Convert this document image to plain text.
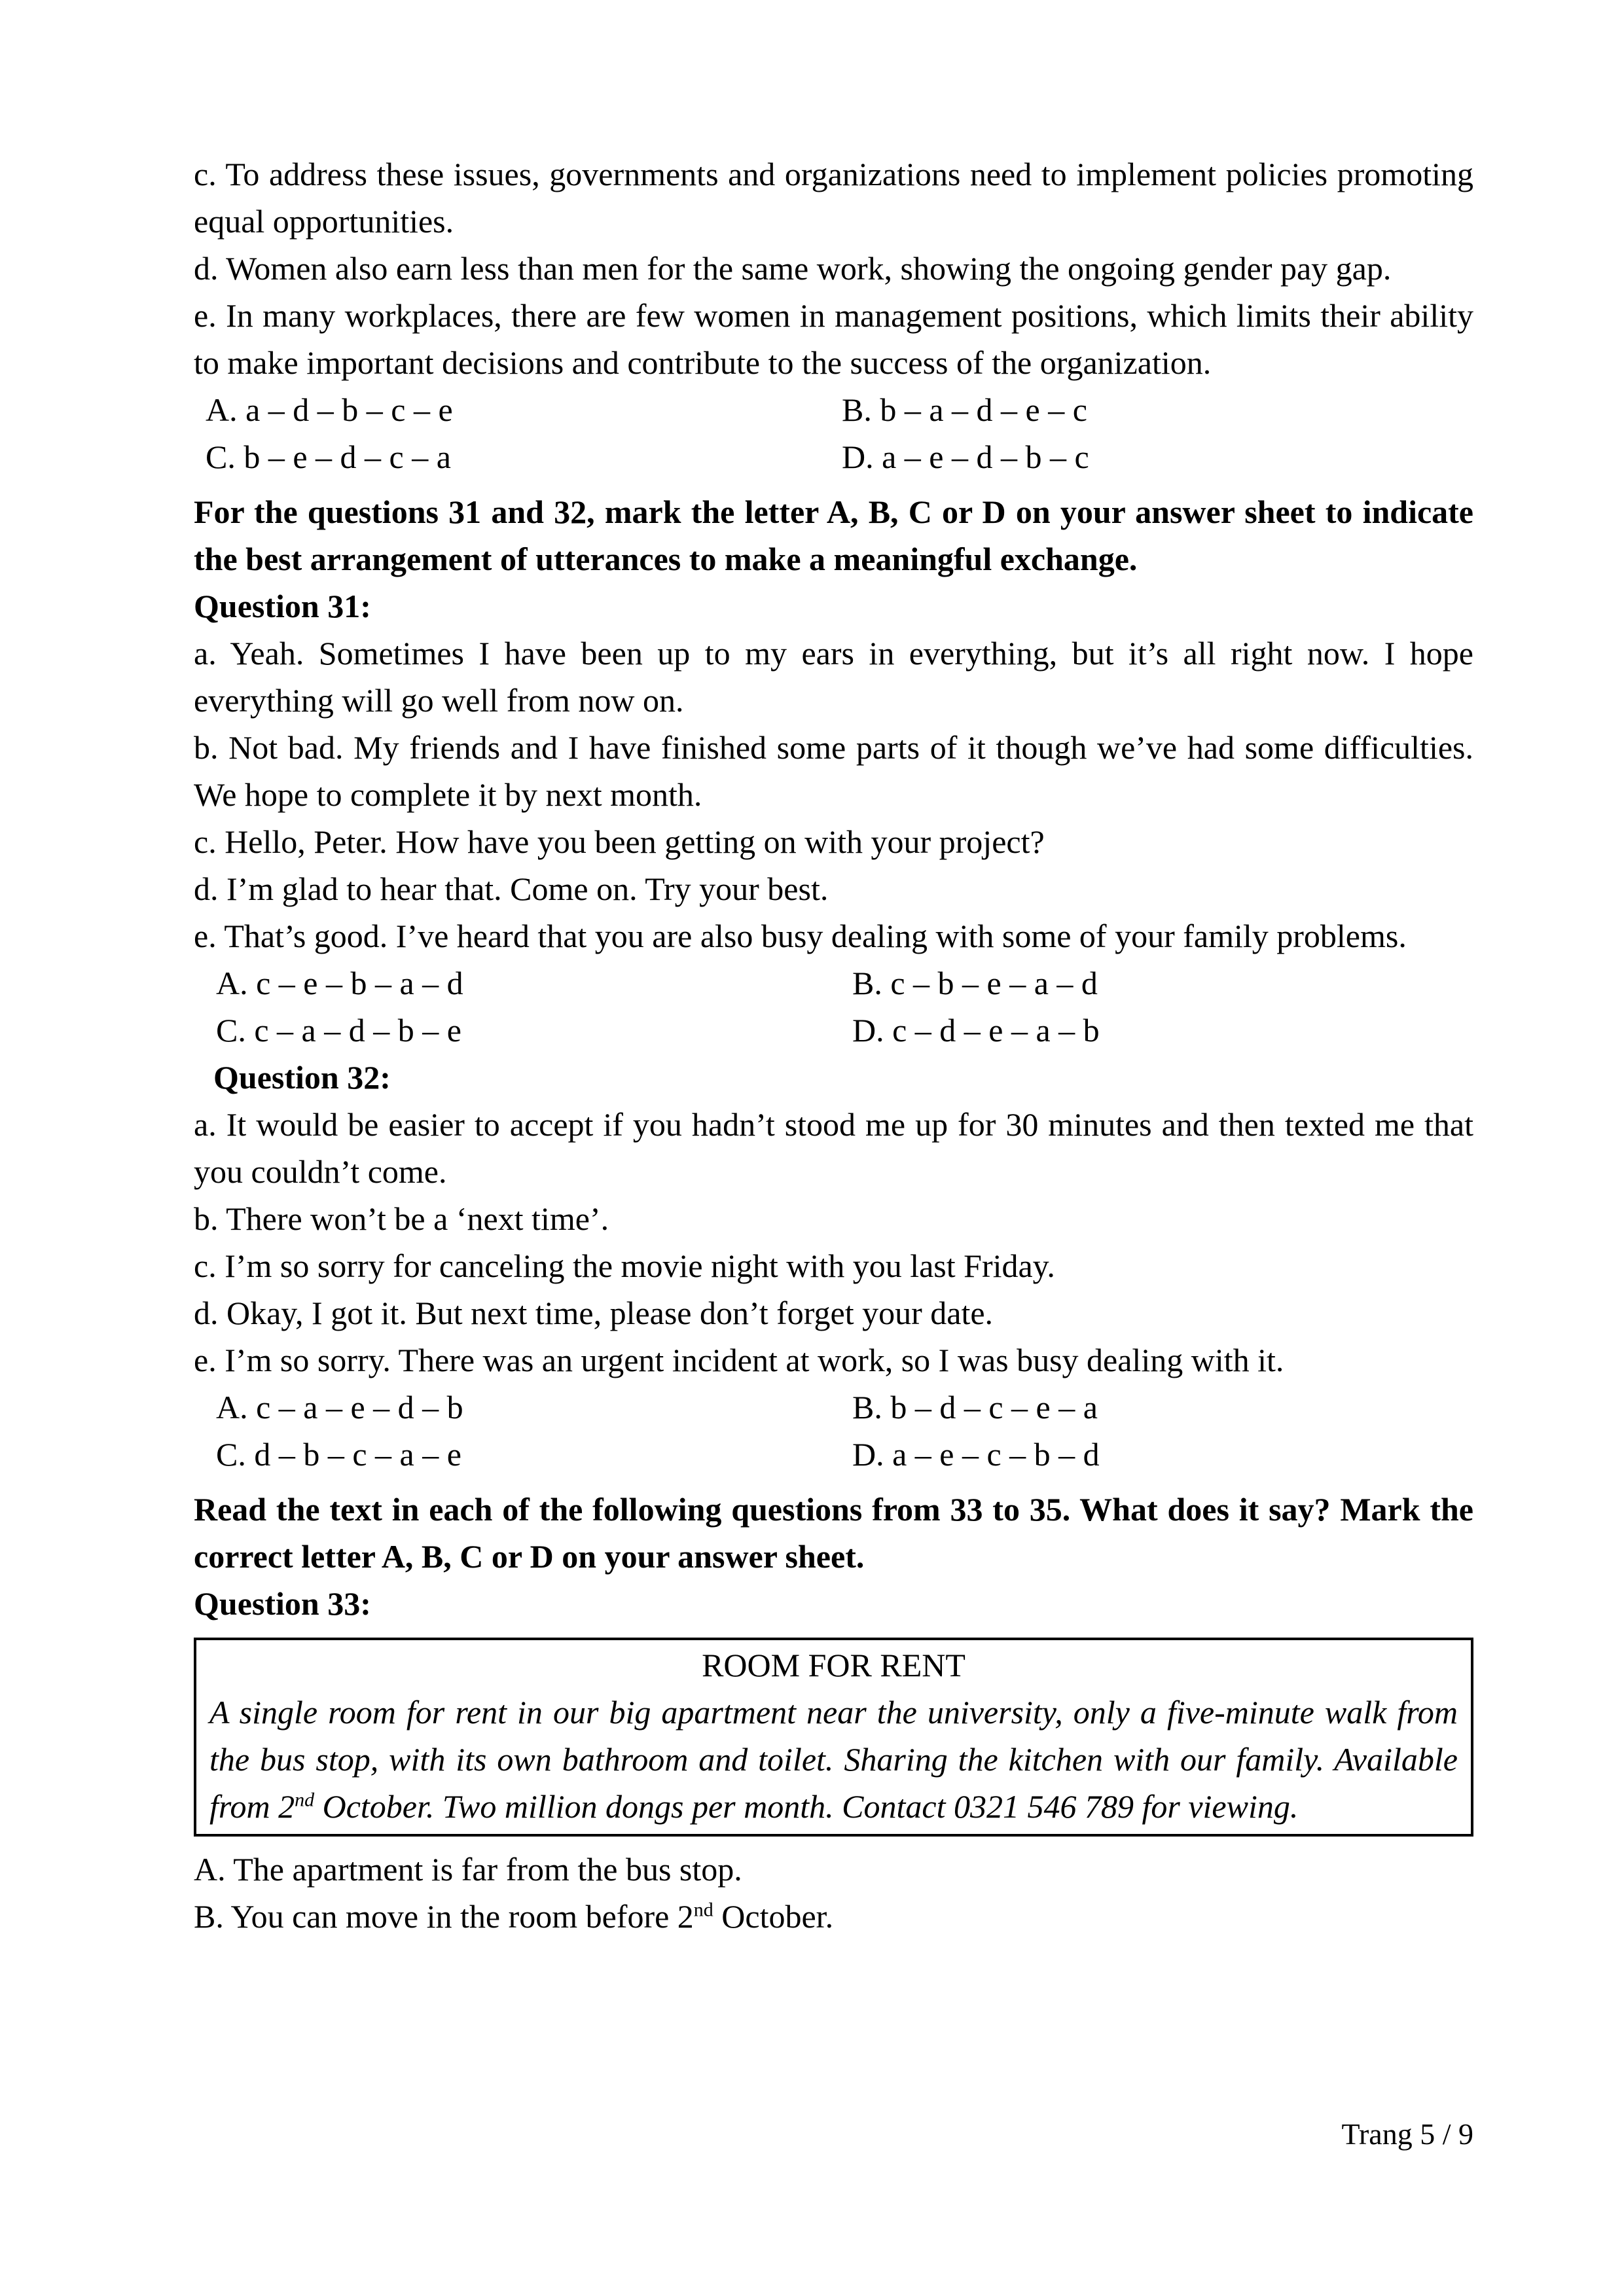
c. To address these issues, governments and organizations need to implement policies promoting equal opportunities.

d. Women also earn less than men for the same work, showing the ongoing gender pay gap.

e. In many workplaces, there are few women in management positions, which limits their ability to make important decisions and contribute to the success of the organization.

A. a – d – b – c – e	B. b – a – d – e – c
C. b – e – d – c – a	D. a – e – d – b – c

For the questions 31 and 32, mark the letter A, B, C or D on your answer sheet to indicate the best arrangement of utterances to make a meaningful exchange.

Question 31:

a. Yeah. Sometimes I have been up to my ears in everything, but it’s all right now. I hope everything will go well from now on.

b. Not bad. My friends and I have finished some parts of it though we’ve had some difficulties. We hope to complete it by next month.

c. Hello, Peter. How have you been getting on with your project?

d. I’m glad to hear that. Come on. Try your best.

e. That’s good. I’ve heard that you are also busy dealing with some of your family problems.

A. c – e – b – a – d	B. c – b – e – a – d
C. c – a – d – b – e	D. c – d – e – a – b

Question 32:

a. It would be easier to accept if you hadn’t stood me up for 30 minutes and then texted me that you couldn’t come.

b. There won’t be a ‘next time’.

c. I’m so sorry for canceling the movie night with you last Friday.

d. Okay, I got it. But next time, please don’t forget your date.

e. I’m so sorry. There was an urgent incident at work, so I was busy dealing with it.

A. c – a – e – d – b	B. b – d – c – e – a
C. d – b – c – a – e	D. a – e – c – b – d

Read the text in each of the following questions from 33 to 35. What does it say? Mark the correct letter A, B, C or D on your answer sheet.

Question 33:

ROOM FOR RENT

A single room for rent in our big apartment near the university, only a five-minute walk from the bus stop, with its own bathroom and toilet. Sharing the kitchen with our family. Available from 2nd October. Two million dongs per month. Contact 0321 546 789 for viewing.

A. The apartment is far from the bus stop.

B. You can move in the room before 2nd October.

Trang 5 / 9
